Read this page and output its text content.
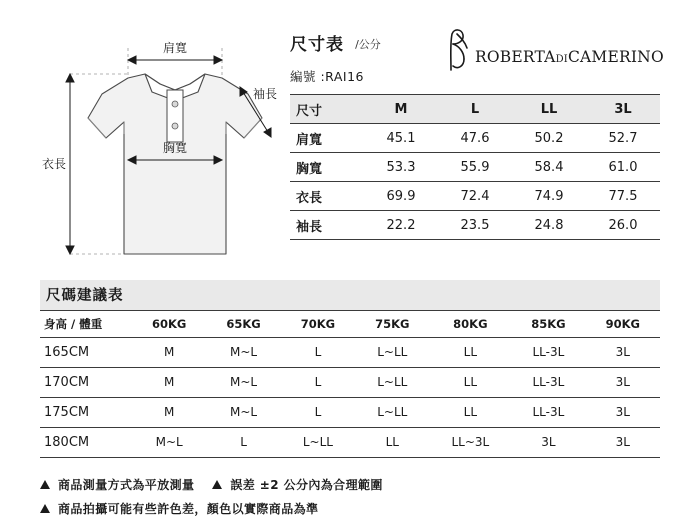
肩寬
胸寬
袖長
衣長
ROBERTADICAMERINO
尺寸表 /公分
編號 :RAI16
尺寸	M	L	LL	3L
肩寬	45.1	47.6	50.2	52.7
胸寬	53.3	55.9	58.4	61.0
衣長	69.9	72.4	74.9	77.5
袖長	22.2	23.5	24.8	26.0
尺碼建議表
身高 / 體重	60KG	65KG	70KG	75KG	80KG	85KG	90KG
165CM	M	M~L	L	L~LL	LL	LL-3L	3L
170CM	M	M~L	L	L~LL	LL	LL-3L	3L
175CM	M	M~L	L	L~LL	LL	LL-3L	3L
180CM	M~L	L	L~LL	LL	LL~3L	3L	3L
商品測量方式為平放測量	誤差 ±2 公分內為合理範圍
商品拍攝可能有些許色差，顏色以實際商品為準
